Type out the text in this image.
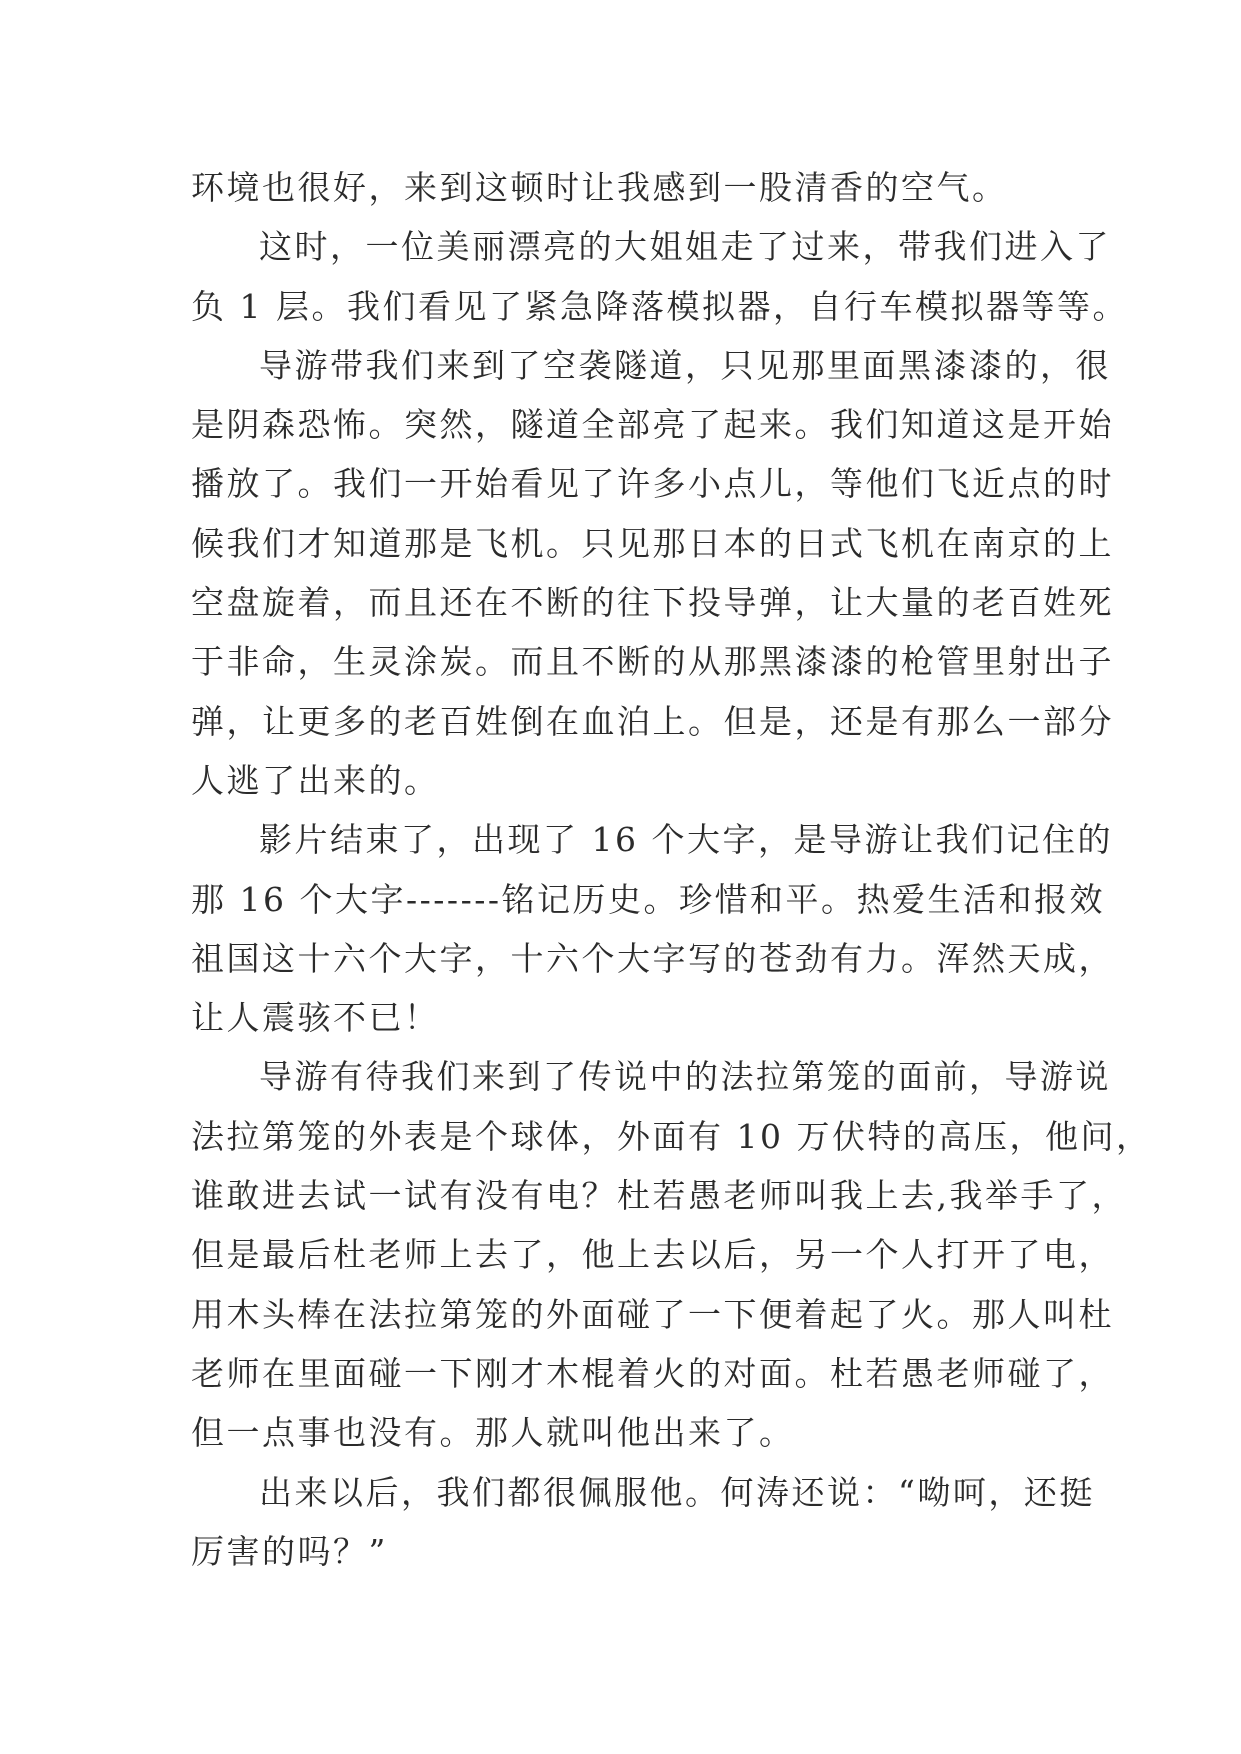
环境也很好，来到这顿时让我感到一股清香的空气。
这时，一位美丽漂亮的大姐姐走了过来，带我们进入了
负 1 层。我们看见了紧急降落模拟器，自行车模拟器等等。
导游带我们来到了空袭隧道，只见那里面黑漆漆的，很
是阴森恐怖。突然，隧道全部亮了起来。我们知道这是开始
播放了。我们一开始看见了许多小点儿，等他们飞近点的时
候我们才知道那是飞机。只见那日本的日式飞机在南京的上
空盘旋着，而且还在不断的往下投导弹，让大量的老百姓死
于非命，生灵涂炭。而且不断的从那黑漆漆的枪管里射出子
弹，让更多的老百姓倒在血泊上。但是，还是有那么一部分
人逃了出来的。
影片结束了，出现了 16 个大字，是导游让我们记住的
那 16 个大字-------铭记历史。珍惜和平。热爱生活和报效
祖国这十六个大字，十六个大字写的苍劲有力。浑然天成，
让人震骇不已！
导游有待我们来到了传说中的法拉第笼的面前，导游说
法拉第笼的外表是个球体，外面有 10 万伏特的高压，他问，
谁敢进去试一试有没有电？杜若愚老师叫我上去,我举手了，
但是最后杜老师上去了，他上去以后，另一个人打开了电，
用木头棒在法拉第笼的外面碰了一下便着起了火。那人叫杜
老师在里面碰一下刚才木棍着火的对面。杜若愚老师碰了，
但一点事也没有。那人就叫他出来了。
出来以后，我们都很佩服他。何涛还说：“呦呵，还挺
厉害的吗？”
